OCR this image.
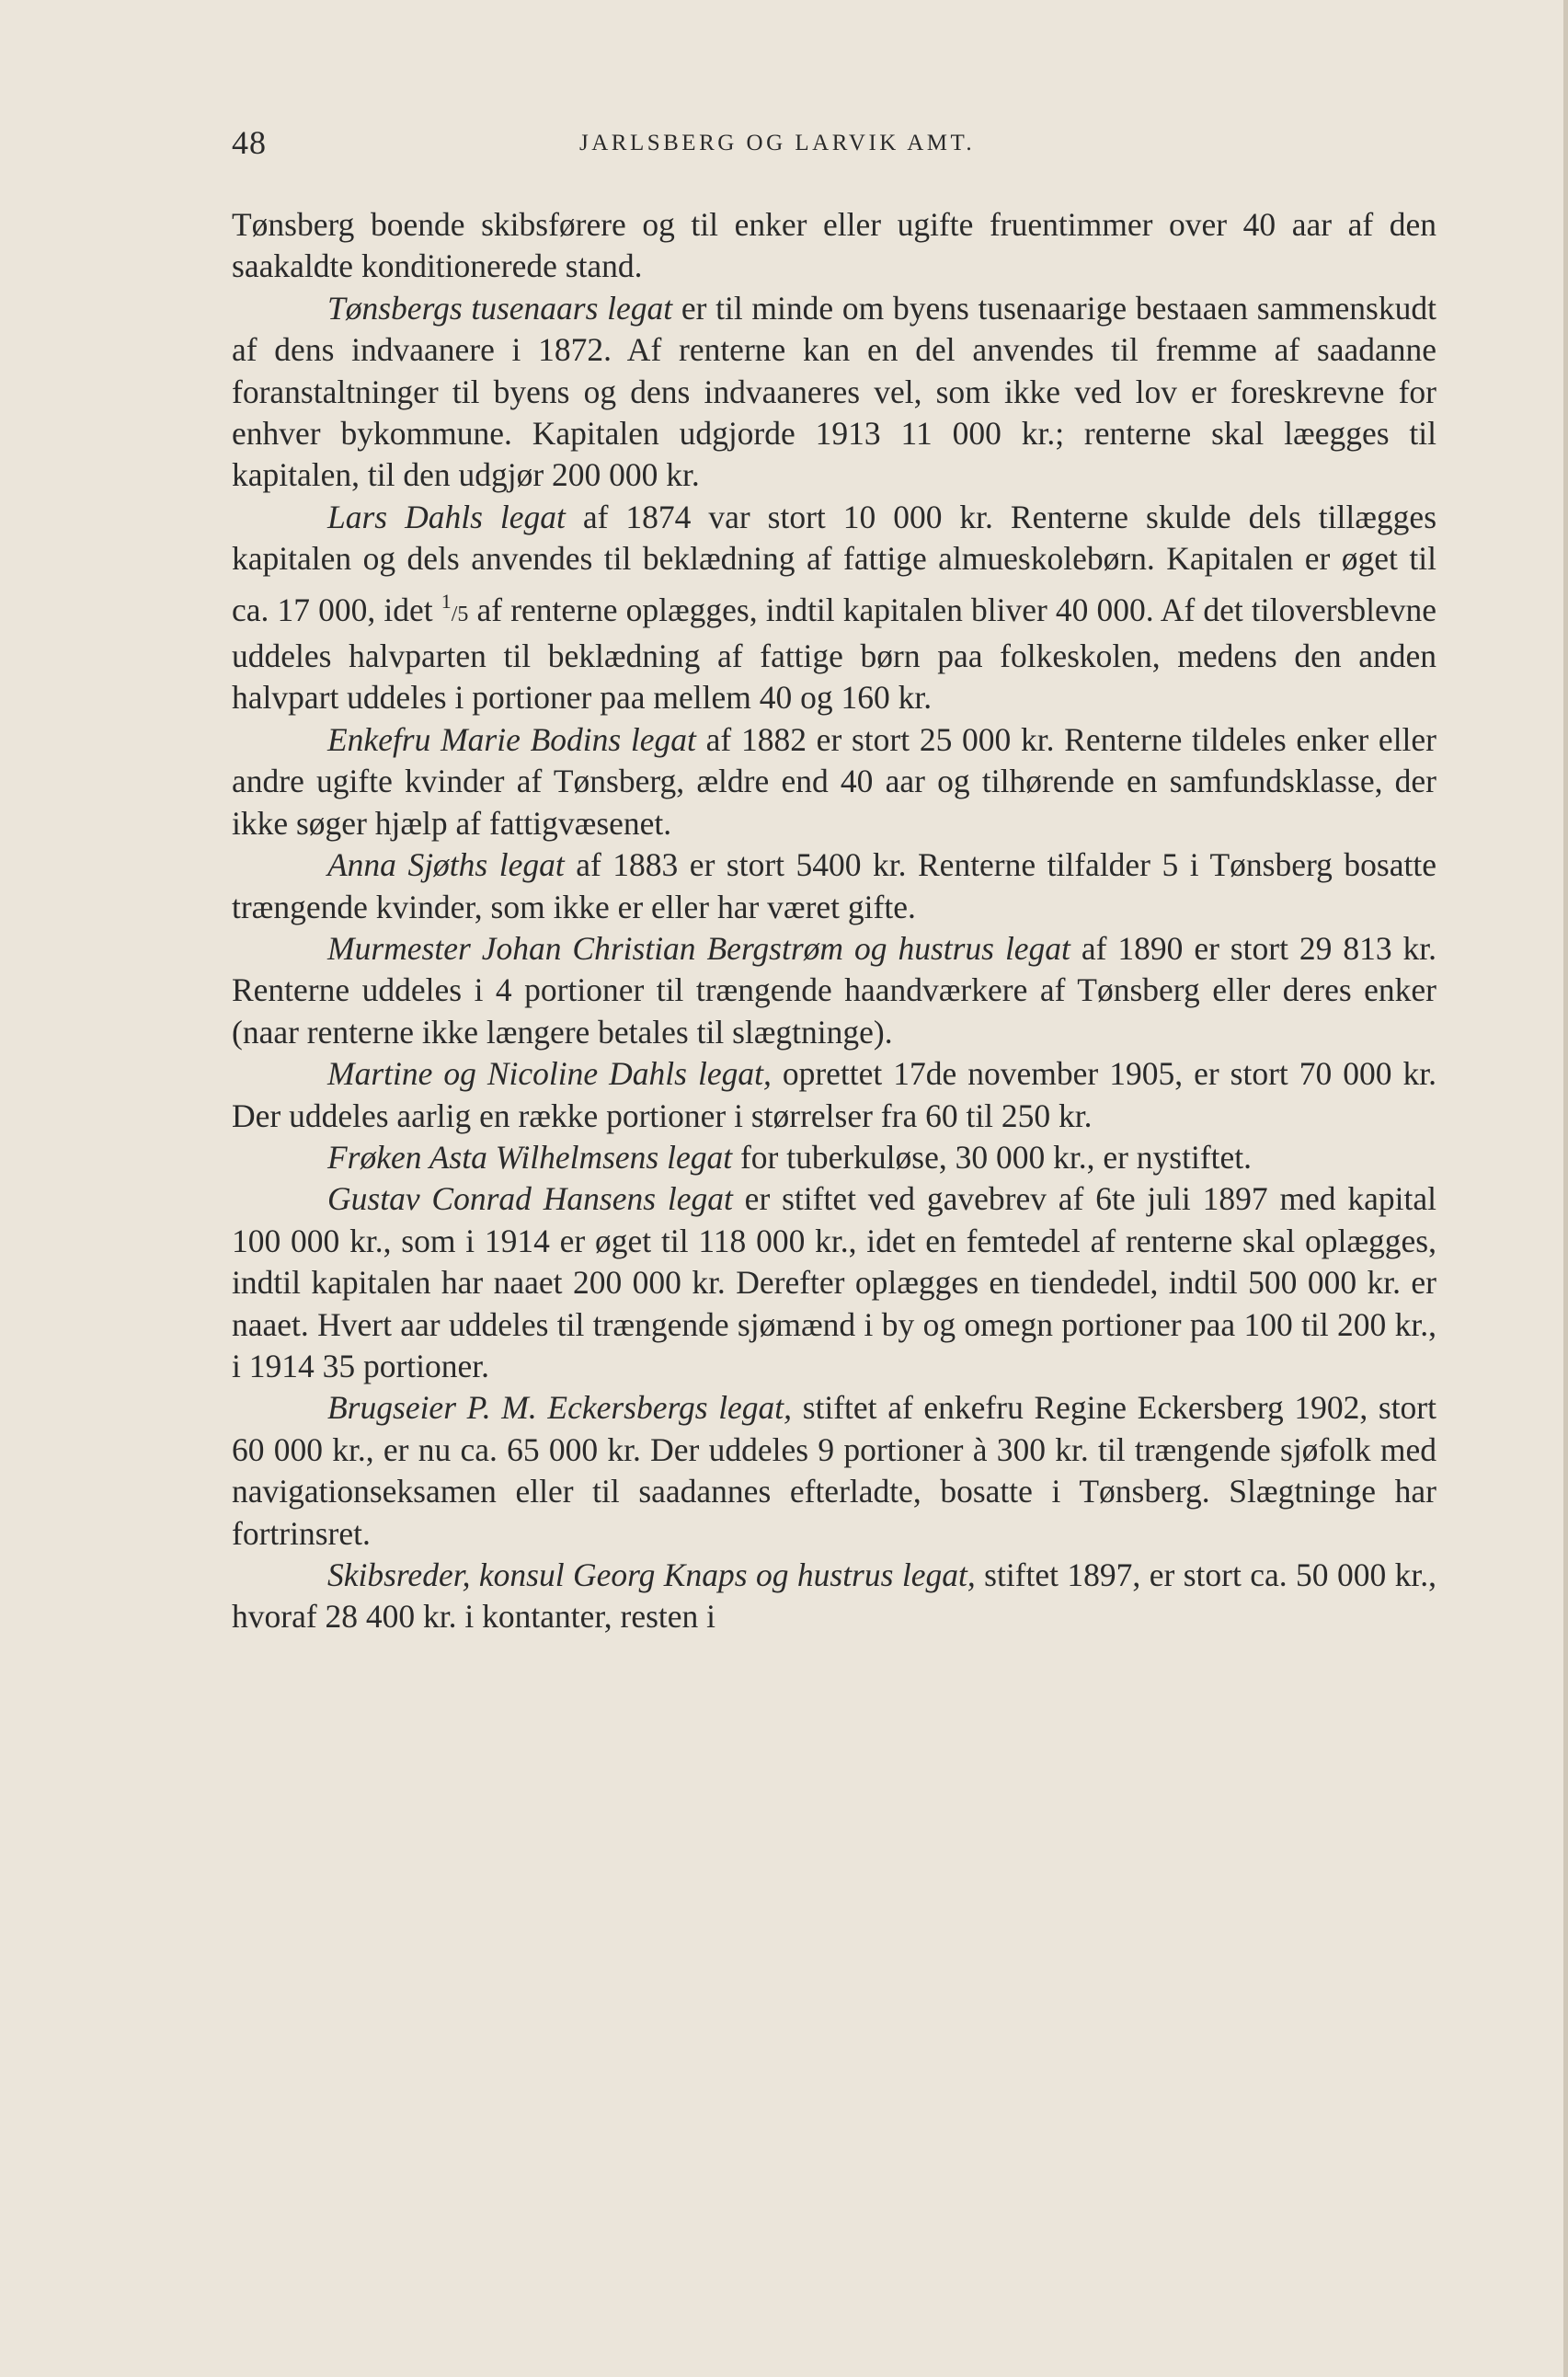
48	JARLSBERG OG LARVIK AMT.

Tønsberg boende skibsførere og til enker eller ugifte fruentimmer over 40 aar af den saakaldte konditionerede stand.

Tønsbergs tusenaars legat er til minde om byens tusenaarige bestaaen sammenskudt af dens indvaanere i 1872. Af renterne kan en del anvendes til fremme af saadanne foranstaltninger til byens og dens indvaaneres vel, som ikke ved lov er foreskrevne for enhver bykommune. Kapitalen udgjorde 1913 11 000 kr.; renterne skal læegges til kapitalen, til den udgjør 200 000 kr.

Lars Dahls legat af 1874 var stort 10 000 kr. Renterne skulde dels tillægges kapitalen og dels anvendes til beklædning af fattige almueskolebørn. Kapitalen er øget til ca. 17 000, idet $^1$/5 af renterne oplægges, indtil kapitalen bliver 40 000. Af det tiloversblevne uddeles halvparten til beklædning af fattige børn paa folkeskolen, medens den anden halvpart uddeles i portioner paa mellem 40 og 160 kr.

Enkefru Marie Bodins legat af 1882 er stort 25 000 kr. Renterne tildeles enker eller andre ugifte kvinder af Tønsberg, ældre end 40 aar og tilhørende en samfundsklasse, der ikke søger hjælp af fattigvæsenet.

Anna Sjøths legat af 1883 er stort 5400 kr. Renterne tilfalder 5 i Tønsberg bosatte trængende kvinder, som ikke er eller har været gifte.

Murmester Johan Christian Bergstrøm og hustrus legat af 1890 er stort 29 813 kr. Renterne uddeles i 4 portioner til trængende haandværkere af Tønsberg eller deres enker (naar renterne ikke længere betales til slægtninge).

Martine og Nicoline Dahls legat, oprettet 17de november 1905, er stort 70 000 kr. Der uddeles aarlig en række portioner i størrelser fra 60 til 250 kr.

Frøken Asta Wilhelmsens legat for tuberkuløse, 30 000 kr., er nystiftet.

Gustav Conrad Hansens legat er stiftet ved gavebrev af 6te juli 1897 med kapital 100 000 kr., som i 1914 er øget til 118 000 kr., idet en femtedel af renterne skal oplægges, indtil kapitalen har naaet 200 000 kr. Derefter oplægges en tiendedel, indtil 500 000 kr. er naaet. Hvert aar uddeles til trængende sjømænd i by og omegn portioner paa 100 til 200 kr., i 1914 35 portioner.

Brugseier P. M. Eckersbergs legat, stiftet af enkefru Regine Eckersberg 1902, stort 60 000 kr., er nu ca. 65 000 kr. Der uddeles 9 portioner à 300 kr. til trængende sjøfolk med navigationseksamen eller til saadannes efterladte, bosatte i Tønsberg. Slægtninge har fortrinsret.

Skibsreder, konsul Georg Knaps og hustrus legat, stiftet 1897, er stort ca. 50 000 kr., hvoraf 28 400 kr. i kontanter, resten i
